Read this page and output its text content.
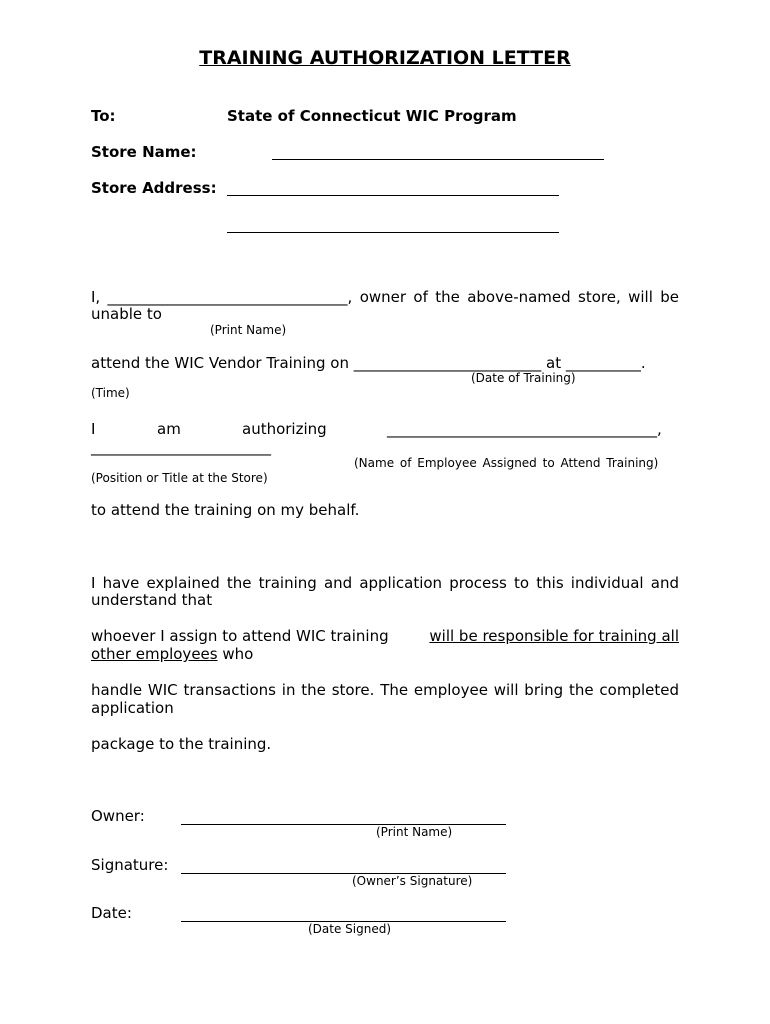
TRAINING AUTHORIZATION LETTER
To:	State of Connecticut WIC Program
Store Name:
Store Address:
I, ________________________________, owner of the above-named store, will be
unable to
(Print Name)
attend the WIC Vendor Training on _________________________ at __________.
(Date of Training)
(Time)
I	am	authorizing	____________________________________,
________________________
(Name of Employee Assigned to Attend Training)
(Position or Title at the Store)
to attend the training on my behalf.
I have explained the training and application process to this individual and
understand that
whoever I assign to attend WIC training	will be responsible for training all
other employees who
handle WIC transactions in the store. The employee will bring the completed
application
package to the training.
Owner:
(Print Name)
Signature:
(Owner’s Signature)
Date:
(Date Signed)
